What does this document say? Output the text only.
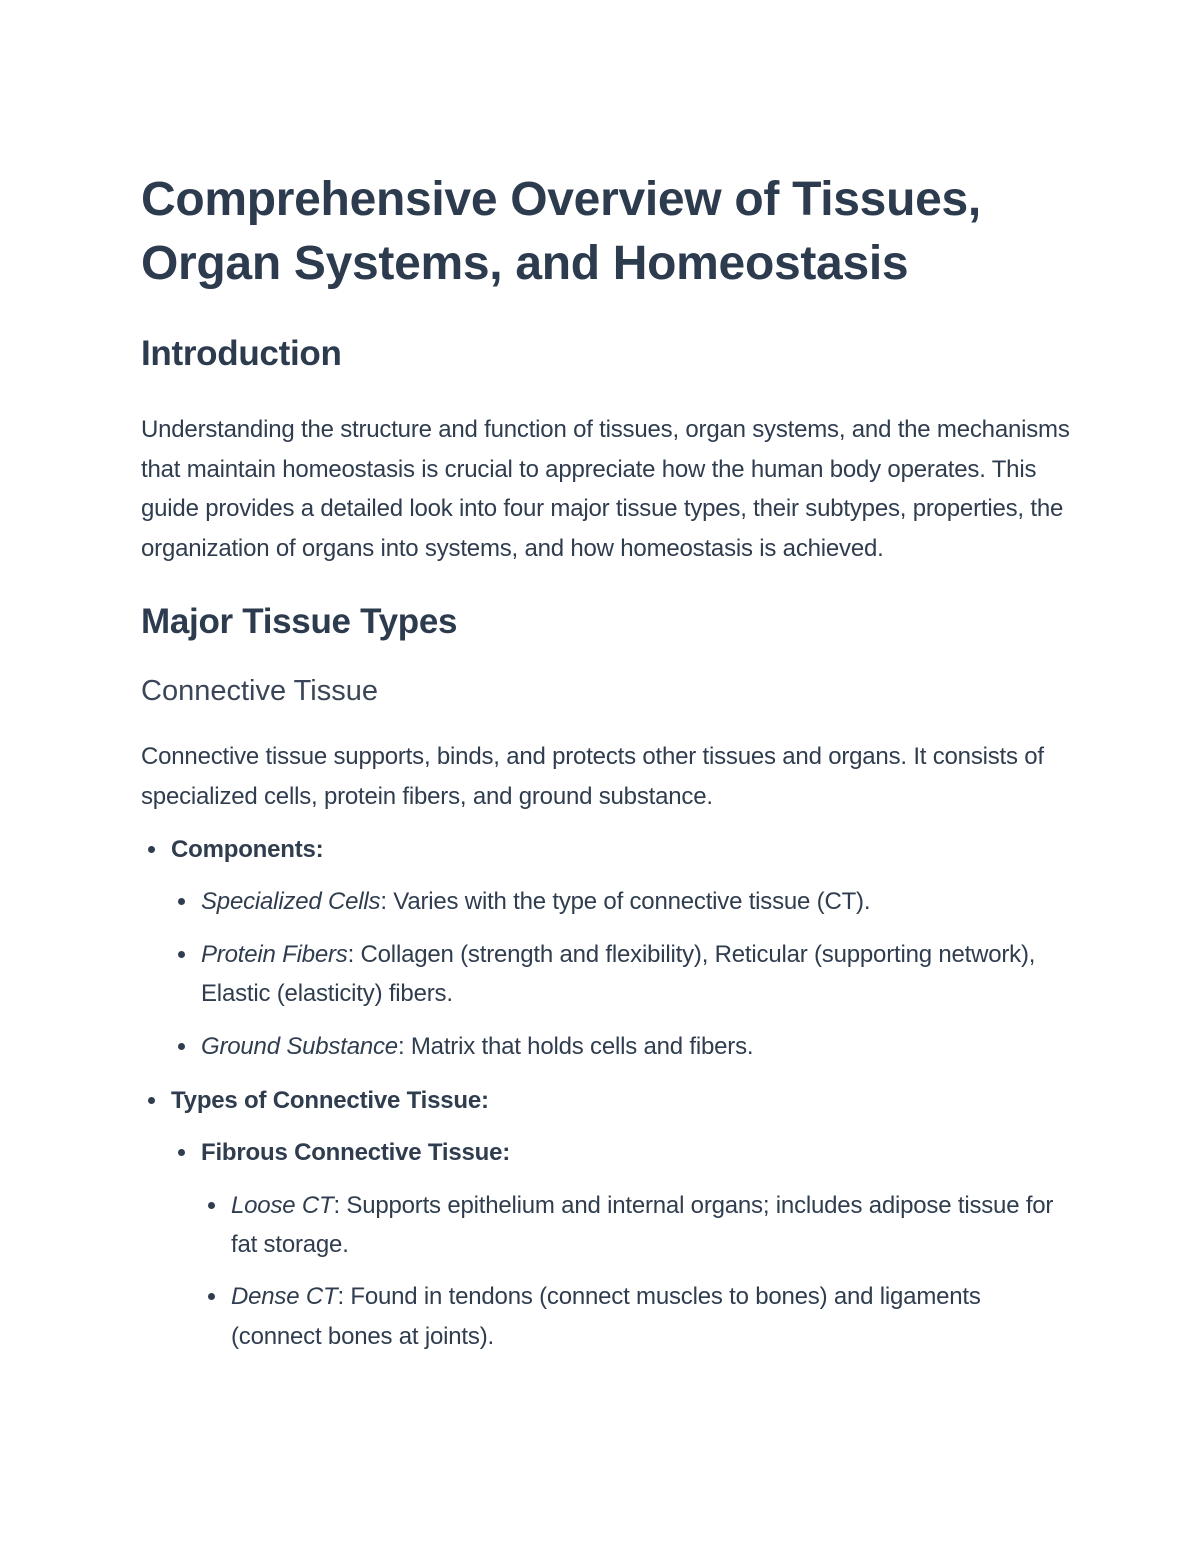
Comprehensive Overview of Tissues, Organ Systems, and Homeostasis
Introduction

Understanding the structure and function of tissues, organ systems, and the mechanisms that maintain homeostasis is crucial to appreciate how the human body operates. This guide provides a detailed look into four major tissue types, their subtypes, properties, the organization of organs into systems, and how homeostasis is achieved.

Major Tissue Types
Connective Tissue

Connective tissue supports, binds, and protects other tissues and organs. It consists of specialized cells, protein fibers, and ground substance.

Components:
Specialized Cells: Varies with the type of connective tissue (CT).
Protein Fibers: Collagen (strength and flexibility), Reticular (supporting network), Elastic (elasticity) fibers.
Ground Substance: Matrix that holds cells and fibers.
Types of Connective Tissue:
Fibrous Connective Tissue:
Loose CT: Supports epithelium and internal organs; includes adipose tissue for fat storage.
Dense CT: Found in tendons (connect muscles to bones) and ligaments (connect bones at joints).
